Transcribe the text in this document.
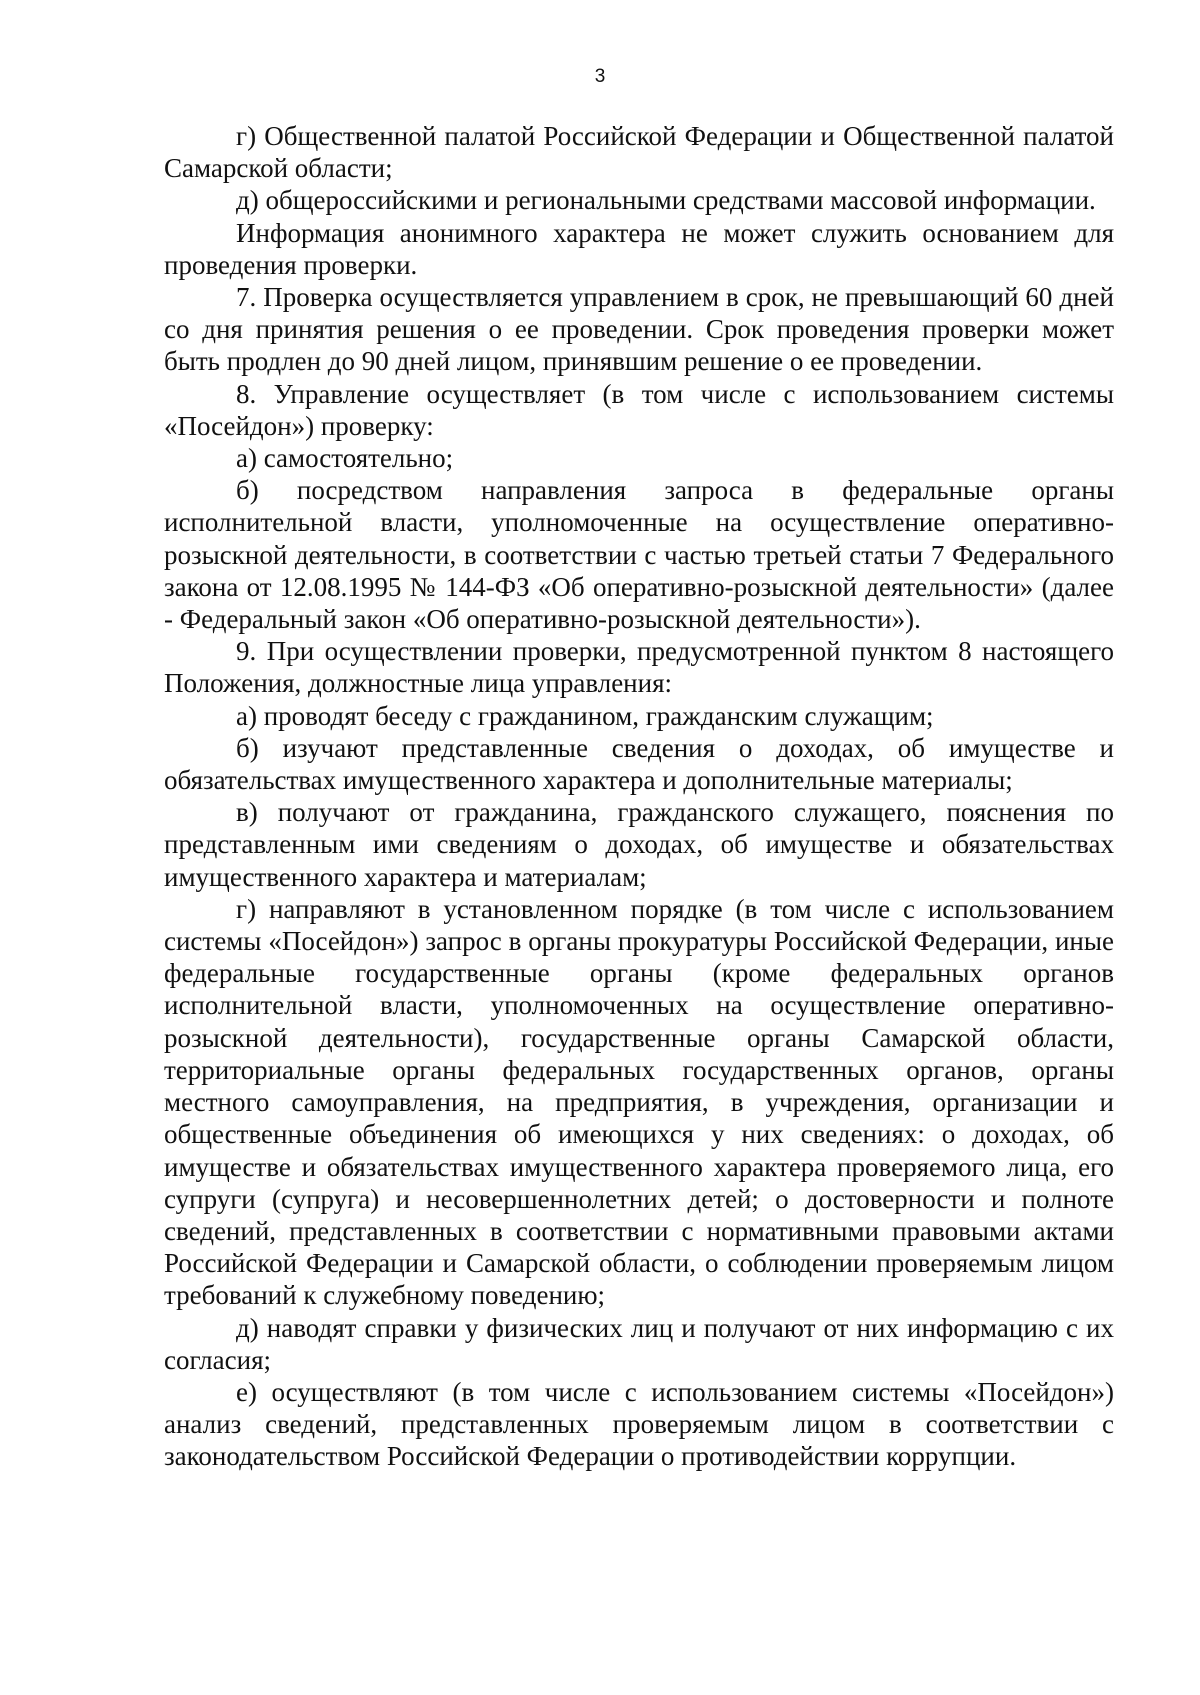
3

г) Общественной палатой Российской Федерации и Общественной палатой Самарской области;

д) общероссийскими и региональными средствами массовой информации.

Информация анонимного характера не может служить основанием для проведения проверки.

7. Проверка осуществляется управлением в срок, не превышающий 60 дней со дня принятия решения о ее проведении. Срок проведения проверки может быть продлен до 90 дней лицом, принявшим решение о ее проведении.

8. Управление осуществляет (в том числе с использованием системы «Посейдон») проверку:

а) самостоятельно;

б) посредством направления запроса в федеральные органы исполнительной власти, уполномоченные на осуществление оперативно-розыскной деятельности, в соответствии с частью третьей статьи 7 Федерального закона от 12.08.1995 № 144-ФЗ «Об оперативно-розыскной деятельности» (далее - Федеральный закон «Об оперативно-розыскной деятельности»).

9. При осуществлении проверки, предусмотренной пунктом 8 настоящего Положения, должностные лица управления:

а) проводят беседу с гражданином, гражданским служащим;

б) изучают представленные сведения о доходах, об имуществе и обязательствах имущественного характера и дополнительные материалы;

в) получают от гражданина, гражданского служащего, пояснения по представленным ими сведениям о доходах, об имуществе и обязательствах имущественного характера и материалам;

г) направляют в установленном порядке (в том числе с использованием системы «Посейдон») запрос в органы прокуратуры Российской Федерации, иные федеральные государственные органы (кроме федеральных органов исполнительной власти, уполномоченных на осуществление оперативно-розыскной деятельности), государственные органы Самарской области, территориальные органы федеральных государственных органов, органы местного самоуправления, на предприятия, в учреждения, организации и общественные объединения об имеющихся у них сведениях: о доходах, об имуществе и обязательствах имущественного характера проверяемого лица, его супруги (супруга) и несовершеннолетних детей; о достоверности и полноте сведений, представленных в соответствии с нормативными правовыми актами Российской Федерации и Самарской области, о соблюдении проверяемым лицом требований к служебному поведению;

д) наводят справки у физических лиц и получают от них информацию с их согласия;

е) осуществляют (в том числе с использованием системы «Посейдон») анализ сведений, представленных проверяемым лицом в соответствии с законодательством Российской Федерации о противодействии коррупции.
